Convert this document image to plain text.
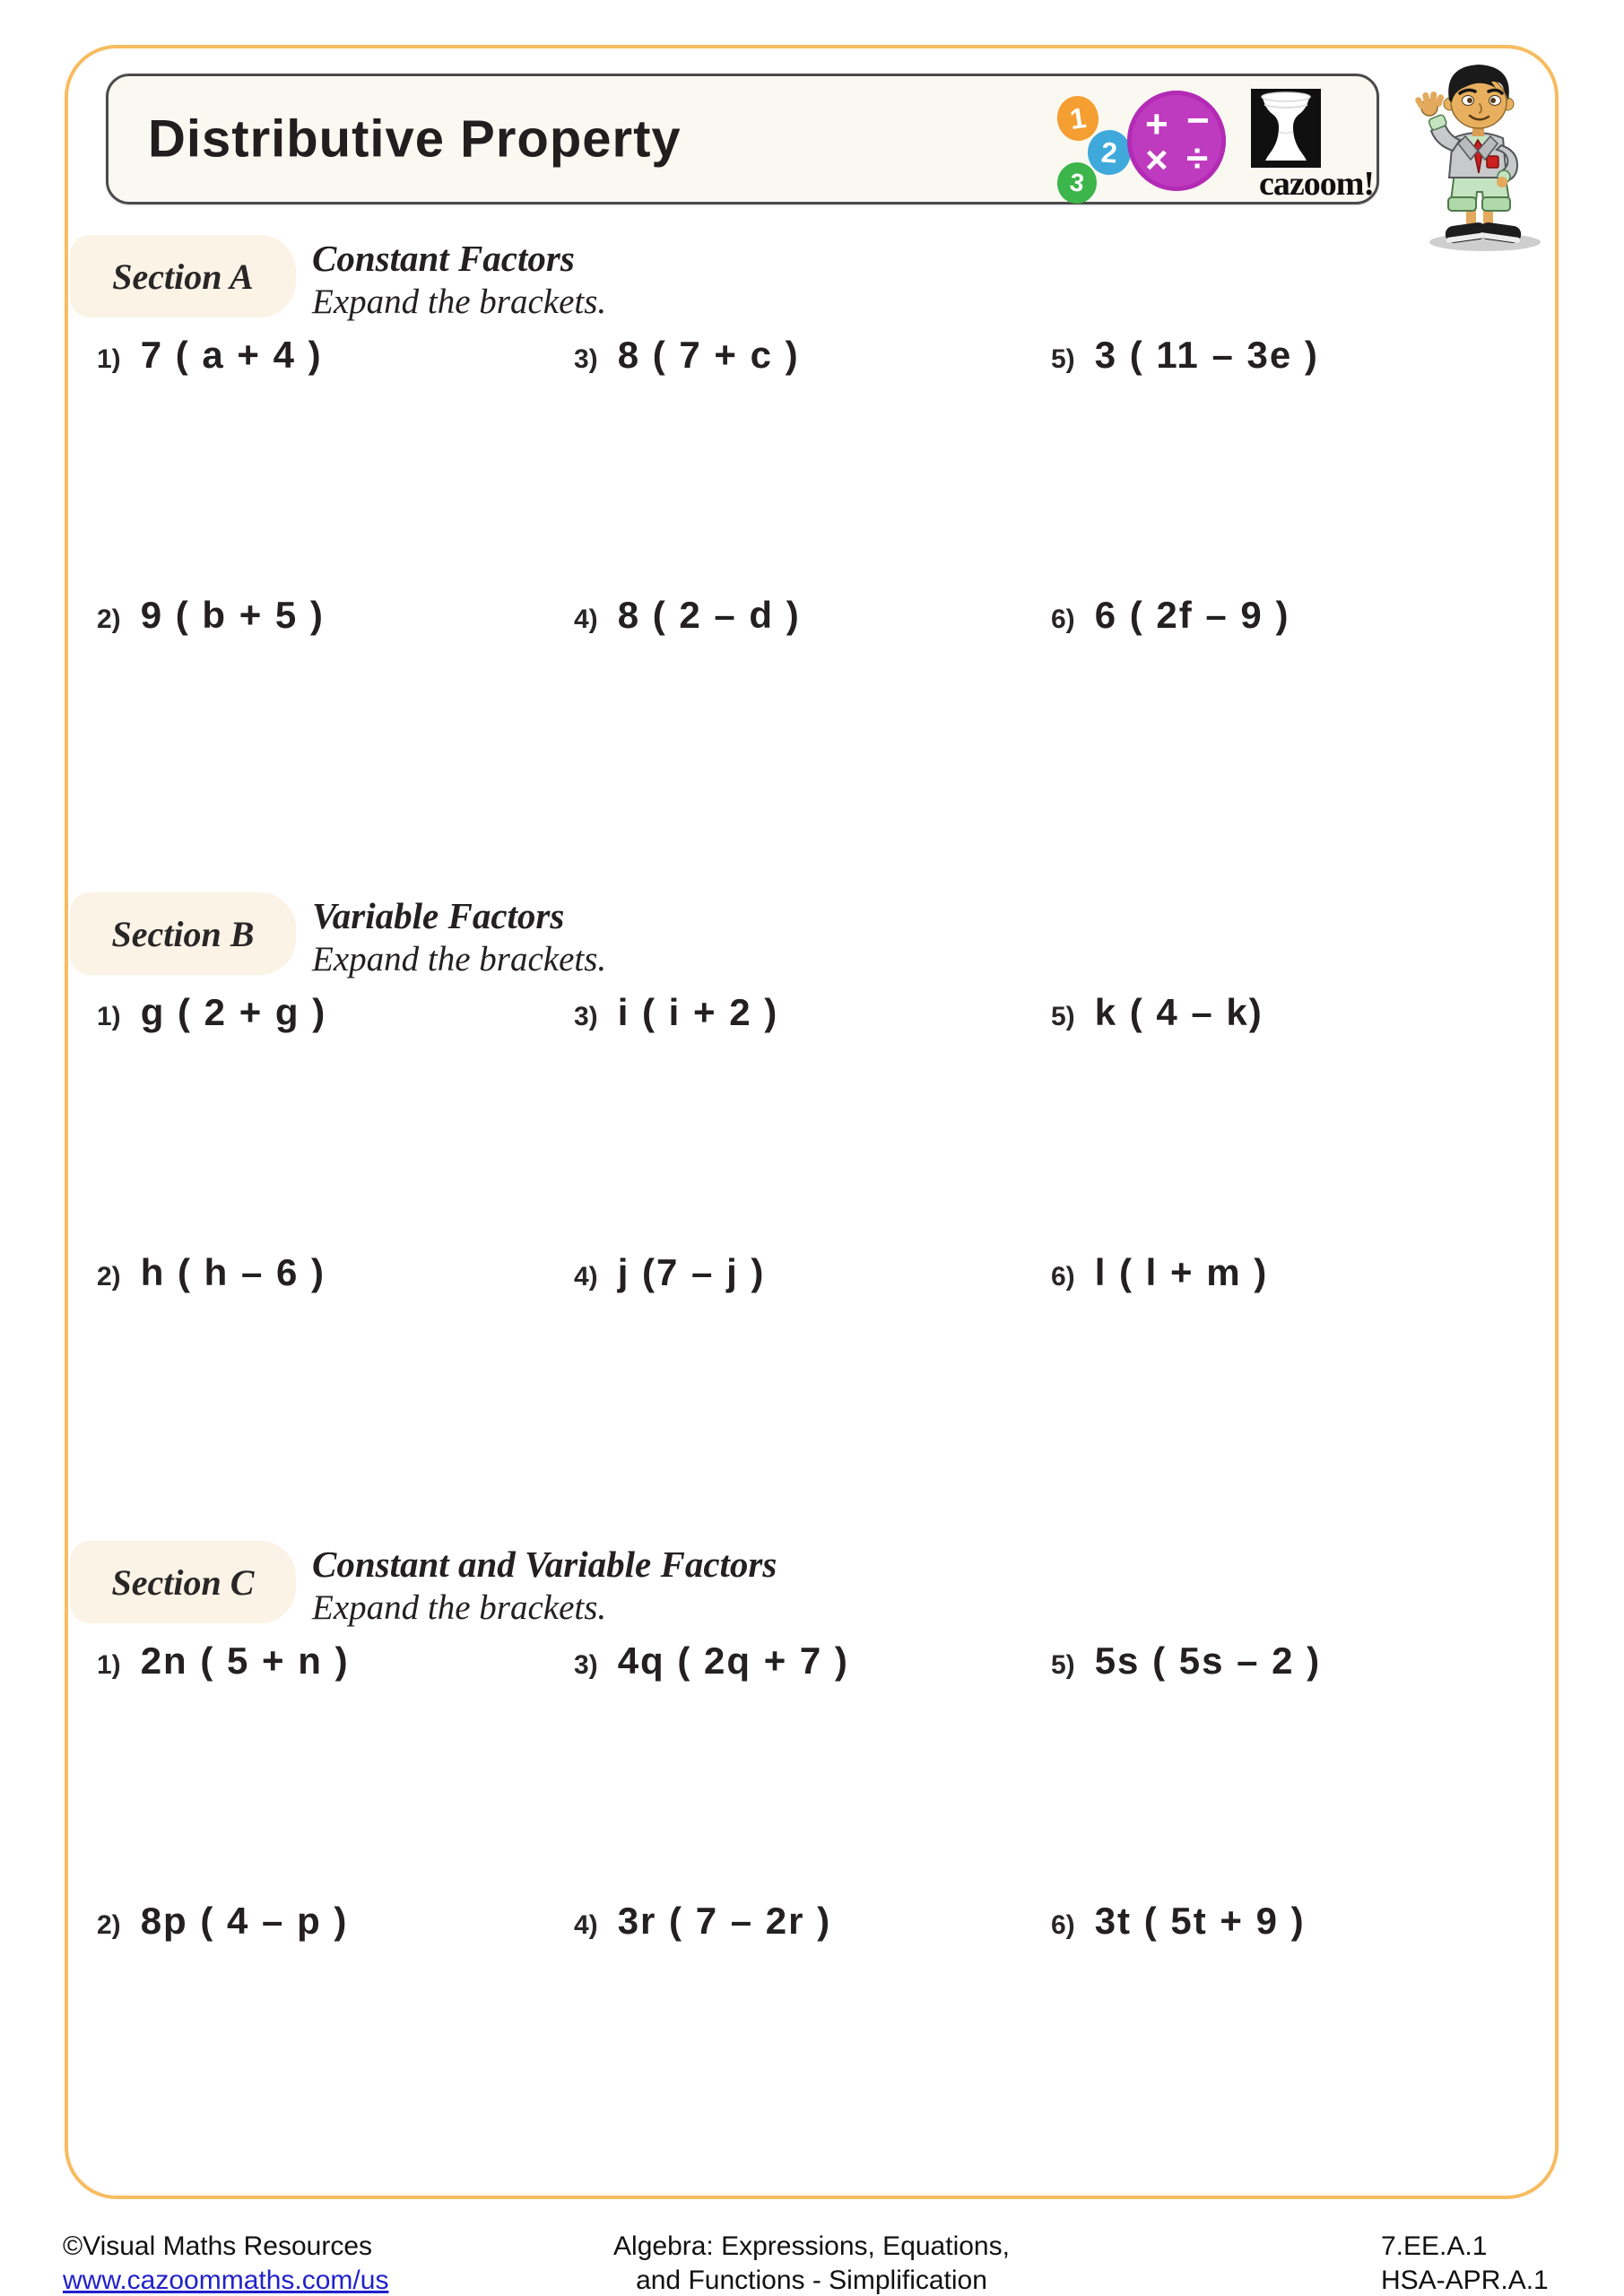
Distributive Property	1
2
3
+ −
× ÷
cazoom!
Section A Constant Factors
Expand the brackets.
1) 7 ( a + 4 )	3) 8 ( 7 + c )	5) 3 ( 11 – 3e )
2) 9 ( b + 5 )	4) 8 ( 2 – d )	6) 6 ( 2f – 9 )
Section B Variable Factors
Expand the brackets.
1) g ( 2 + g )	3) i ( i + 2 )	5) k ( 4 – k)
2) h ( h – 6 )	4) j (7 – j )	6) l ( l + m )
Section C Constant and Variable Factors
Expand the brackets.
1) 2n ( 5 + n )	3) 4q ( 2q + 7 )	5) 5s ( 5s – 2 )
2) 8p ( 4 – p )	4) 3r ( 7 – 2r )	6) 3t ( 5t + 9 )
©Visual Maths Resources
www.cazoommaths.com/us
Algebra: Expressions, Equations,
and Functions - Simplification
7.EE.A.1
HSA-APR.A.1
